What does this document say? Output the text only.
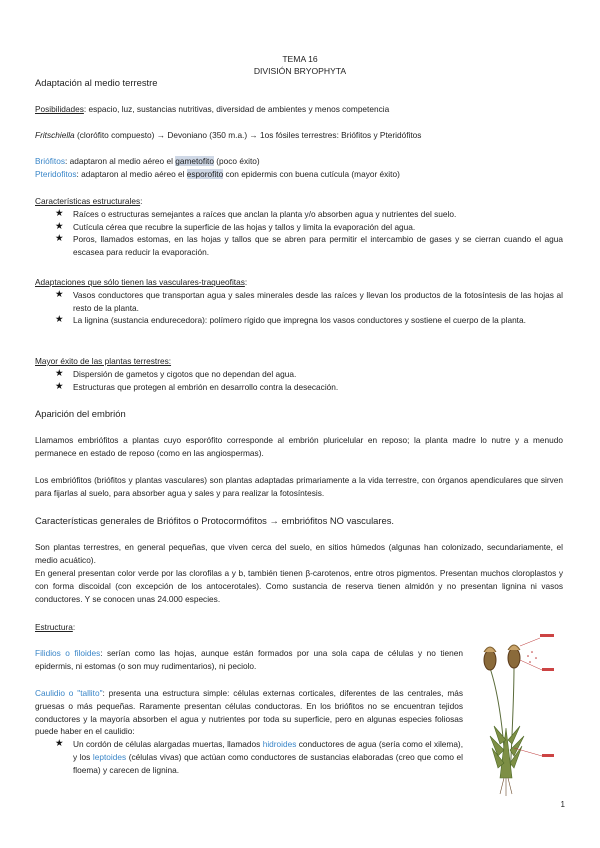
TEMA 16
DIVISIÓN BRYOPHYTA
Adaptación al medio terrestre
Posibilidades: espacio, luz, sustancias nutritivas, diversidad de ambientes y menos competencia
Fritschiella (clorófito compuesto) → Devoniano (350 m.a.) → 1os fósiles terrestres: Briófitos y Pteridófitos
Briófitos: adaptaron al medio aéreo el gametofito (poco éxito)
Pteridofitos: adaptaron al medio aéreo el esporofito con epidermis con buena cutícula (mayor éxito)
Características estructurales:
★ Raíces o estructuras semejantes a raíces que anclan la planta y/o absorben agua y nutrientes del suelo.
★ Cutícula cérea que recubre la superficie de las hojas y tallos y limita la evaporación del agua.
★ Poros, llamados estomas, en las hojas y tallos que se abren para permitir el intercambio de gases y se cierran cuando el agua escasea para reducir la evaporación.
Adaptaciones que sólo tienen las vasculares-traqueofitas:
★ Vasos conductores que transportan agua y sales minerales desde las raíces y llevan los productos de la fotosíntesis de las hojas al resto de la planta.
★ La lignina (sustancia endurecedora): polímero rígido que impregna los vasos conductores y sostiene el cuerpo de la planta.
Mayor éxito de las plantas terrestres:
★ Dispersión de gametos y cigotos que no dependan del agua.
★ Estructuras que protegen al embrión en desarrollo contra la desecación.
Aparición del embrión
Llamamos embriófitos a plantas cuyo esporófito corresponde al embrión pluricelular en reposo; la planta madre lo nutre y a menudo permanece en estado de reposo (como en las angiospermas).
Los embriófitos (briófitos y plantas vasculares) son plantas adaptadas primariamente a la vida terrestre, con órganos apendiculares que sirven para fijarlas al suelo, para absorber agua y sales y para realizar la fotosíntesis.
Características generales de Briófitos o Protocormófitos → embriófitos NO vasculares.
Son plantas terrestres, en general pequeñas, que viven cerca del suelo, en sitios húmedos (algunas han colonizado, secundariamente, el medio acuático).
En general presentan color verde por las clorofilas a y b, también tienen β-carotenos, entre otros pigmentos. Presentan muchos cloroplastos y con forma discoidal (con excepción de los antocerotales). Como sustancia de reserva tienen almidón y no presentan lignina ni vasos conductores. Y se conocen unas 24.000 especies.
Estructura:
Filidios o filoides: serían como las hojas, aunque están formados por una sola capa de células y no tienen epidermis, ni estomas (o son muy rudimentarios), ni peciolo.
Caulidio o "tallito": presenta una estructura simple: células externas corticales, diferentes de las centrales, más gruesas o más pequeñas. Raramente presentan células conductoras. En los briófitos no se encuentran tejidos conductores y la mayoría absorben el agua y nutrientes por toda su superficie, pero en algunas especies foliosas puede haber en el caulidio:
★ Un cordón de células alargadas muertas, llamados hidroides conductores de agua (sería como el xilema), y los leptoides (células vivas) que actúan como conductores de sustancias elaboradas (creo que como el floema) y carecen de lignina.
1
